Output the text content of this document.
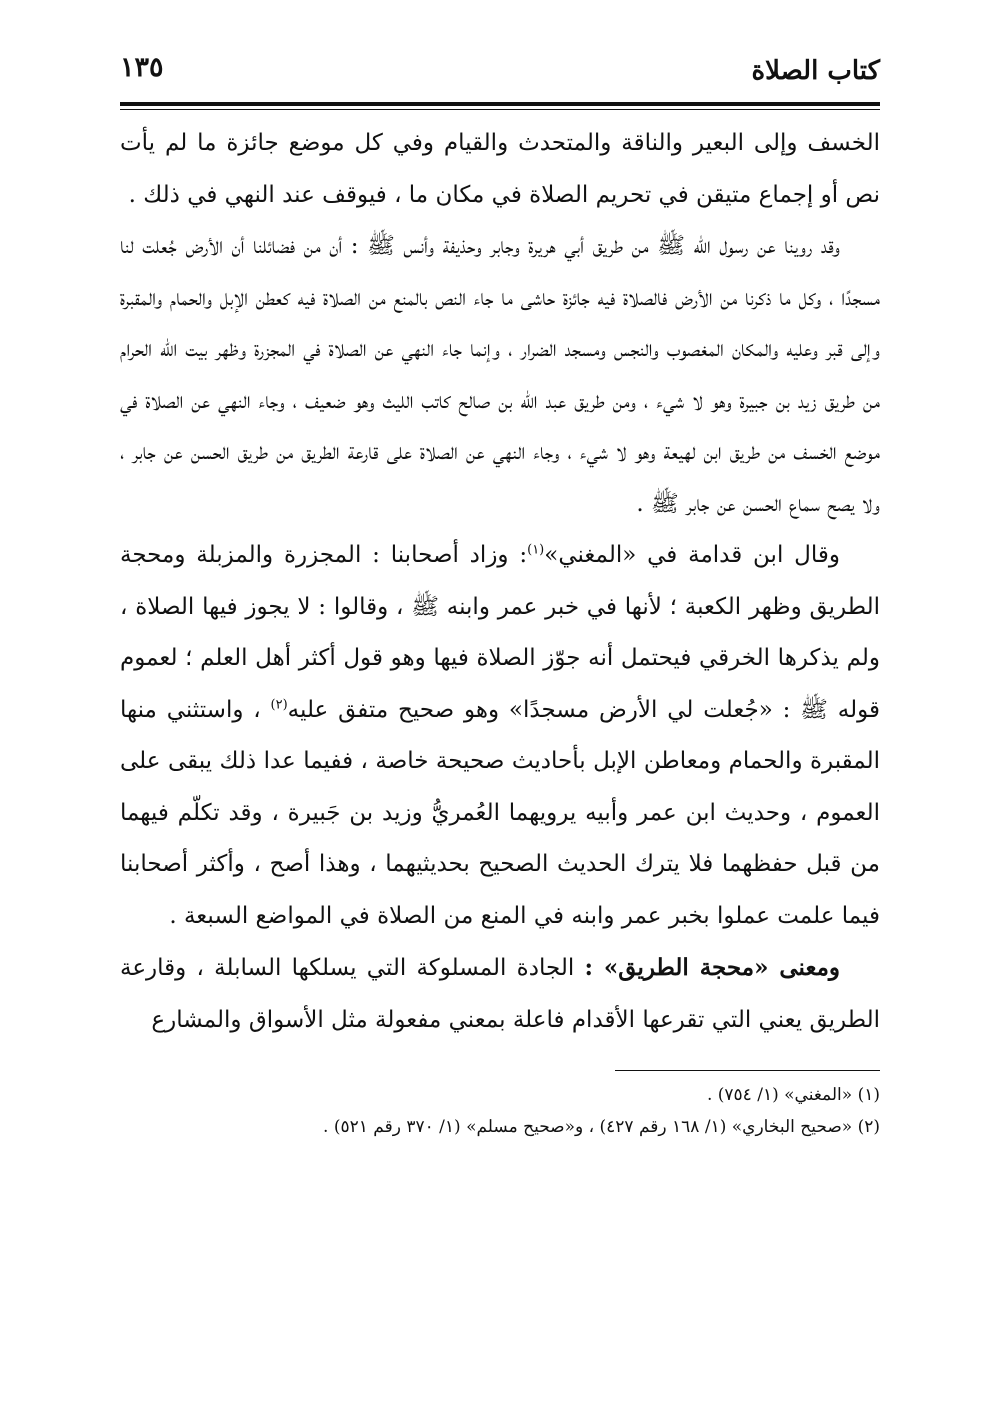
كتاب الصلاة
١٣٥

الخسف وإلى البعير والناقة والمتحدث والقيام وفي كل موضع جائزة ما لم يأت نص أو إجماع متيقن في تحريم الصلاة في مكان ما ، فيوقف عند النهي في ذلك .

وقد روينا عن رسول الله ﷺ من طريق أبي هريرة وجابر وحذيفة وأنس ﷺ : أن من فضائلنا أن الأرض جُعلت لنا مسجدًا ، وكل ما ذكرنا من الأرض فالصلاة فيه جائزة حاشى ما جاء النص بالمنع من الصلاة فيه كعطن الإبل والحمام والمقبرة وإلى قبر وعليه والمكان المغصوب والنجس ومسجد الضرار ، وإنما جاء النهي عن الصلاة في المجزرة وظهر بيت الله الحرام من طريق زيد بن جبيرة وهو لا شيء ، ومن طريق عبد الله بن صالح كاتب الليث وهو ضعيف ، وجاء النهي عن الصلاة في موضع الخسف من طريق ابن لهيعة وهو لا شيء ، وجاء النهي عن الصلاة على قارعة الطريق من طريق الحسن عن جابر ، ولا يصح سماع الحسن عن جابر ﷺ .

وقال ابن قدامة في «المغني»$^{(١)}$: وزاد أصحابنا : المجزرة والمزبلة ومحجة الطريق وظهر الكعبة ؛ لأنها في خبر عمر وابنه ﷺ ، وقالوا : لا يجوز فيها الصلاة ، ولم يذكرها الخرقي فيحتمل أنه جوّز الصلاة فيها وهو قول أكثر أهل العلم ؛ لعموم قوله ﷺ : «جُعلت لي الأرض مسجدًا» وهو صحيح متفق عليه$^{(٢)}$ ، واستثني منها المقبرة والحمام ومعاطن الإبل بأحاديث صحيحة خاصة ، ففيما عدا ذلك يبقى على العموم ، وحديث ابن عمر وأبيه يرويهما العُمريُّ وزيد بن جَبيرة ، وقد تكلّم فيهما من قبل حفظهما فلا يترك الحديث الصحيح بحديثيهما ، وهذا أصح ، وأكثر أصحابنا فيما علمت عملوا بخبر عمر وابنه في المنع من الصلاة في المواضع السبعة .

ومعنى «محجة الطريق» : الجادة المسلوكة التي يسلكها السابلة ، وقارعة الطريق يعني التي تقرعها الأقدام فاعلة بمعني مفعولة مثل الأسواق والمشارع

(١) «المغني» (١/ ٧٥٤) .

(٢) «صحيح البخاري» (١/ ١٦٨ رقم ٤٢٧) ، و«صحيح مسلم» (١/ ٣٧٠ رقم ٥٢١) .
